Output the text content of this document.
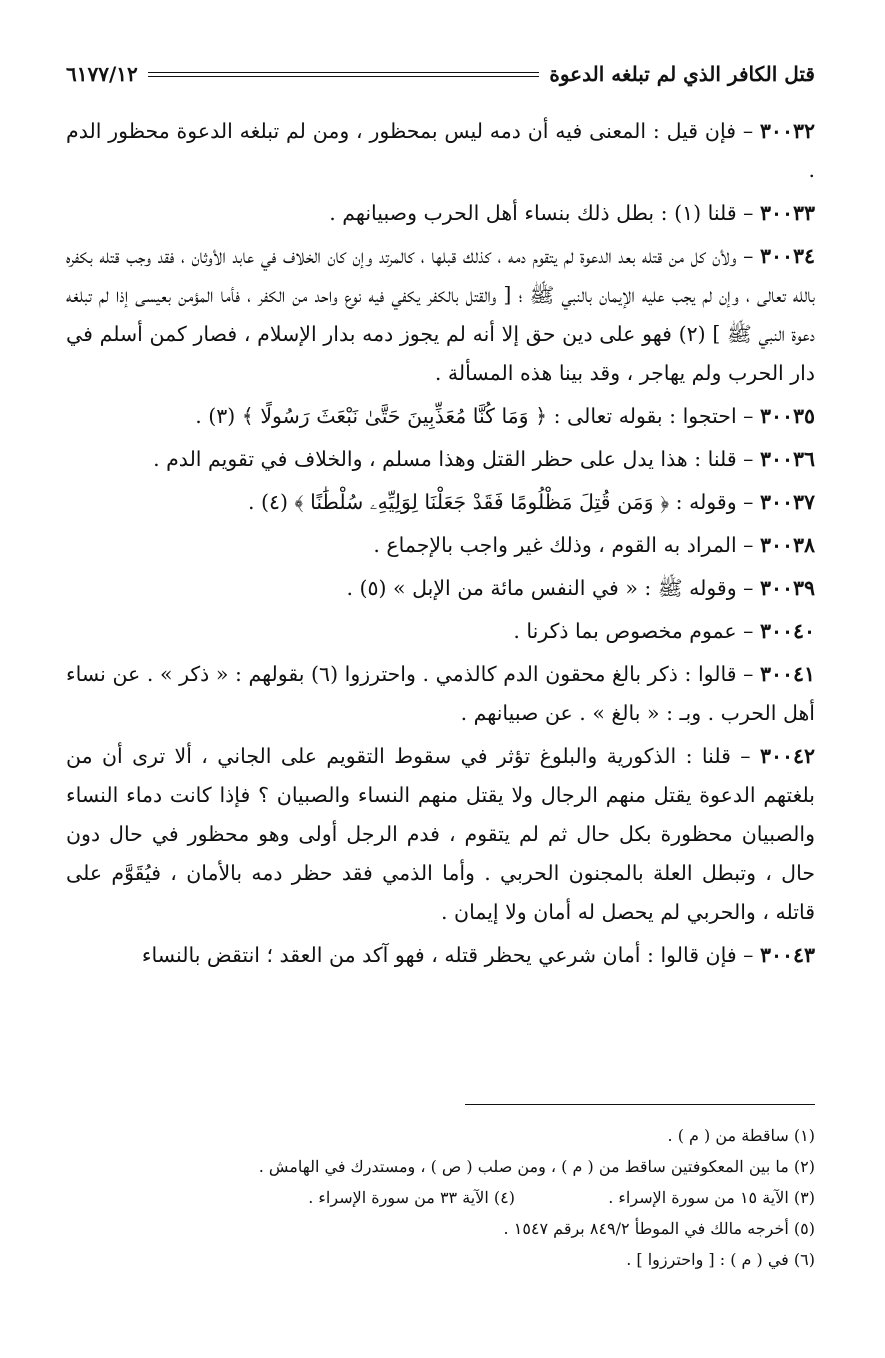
قتل الكافر الذي لم تبلغه الدعوة
٦١٧٧/١٢

٣٠٠٣٢ – فإن قيل : المعنى فيه أن دمه ليس بمحظور ، ومن لم تبلغه الدعوة محظور الدم .

٣٠٠٣٣ – قلنا (١) : بطل ذلك بنساء أهل الحرب وصبيانهم .

٣٠٠٣٤ – ولأن كل من قتله بعد الدعوة لم يتقوم دمه ، كذلك قبلها ، كالمرتد وإن كان الخلاف في عابد الأوثان ، فقد وجب قتله بكفره بالله تعالى ، وإن لم يجب عليه الإيمان بالنبي ﷺ ؛ [ والقتل بالكفر يكفي فيه نوع واحد من الكفر ، فأما المؤمن بعيسى إذا لم تبلغه دعوة النبي ﷺ ] (٢) فهو على دين حق إلا أنه لم يجوز دمه بدار الإسلام ، فصار كمن أسلم في دار الحرب ولم يهاجر ، وقد بينا هذه المسألة .

٣٠٠٣٥ – احتجوا : بقوله تعالى : ﴿ وَمَا كُنَّا مُعَذِّبِينَ حَتَّىٰ نَبْعَثَ رَسُولًا ﴾ (٣) .

٣٠٠٣٦ – قلنا : هذا يدل على حظر القتل وهذا مسلم ، والخلاف في تقويم الدم .

٣٠٠٣٧ – وقوله : ﴿ وَمَن قُتِلَ مَظْلُومًا فَقَدْ جَعَلْنَا لِوَلِيِّهِۦ سُلْطَٰنًا ﴾ (٤) .

٣٠٠٣٨ – المراد به القوم ، وذلك غير واجب بالإجماع .

٣٠٠٣٩ – وقوله ﷺ : « في النفس مائة من الإبل » (٥) .

٣٠٠٤٠ – عموم مخصوص بما ذكرنا .

٣٠٠٤١ – قالوا : ذكر بالغ محقون الدم كالذمي . واحترزوا (٦) بقولهم : « ذكر » . عن نساء أهل الحرب . وبـ : « بالغ » . عن صبيانهم .

٣٠٠٤٢ – قلنا : الذكورية والبلوغ تؤثر في سقوط التقويم على الجاني ، ألا ترى أن من بلغتهم الدعوة يقتل منهم الرجال ولا يقتل منهم النساء والصبيان ؟ فإذا كانت دماء النساء والصبيان محظورة بكل حال ثم لم يتقوم ، فدم الرجل أولى وهو محظور في حال دون حال ، وتبطل العلة بالمجنون الحربي . وأما الذمي فقد حظر دمه بالأمان ، فيُقَوَّم على قاتله ، والحربي لم يحصل له أمان ولا إيمان .

٣٠٠٤٣ – فإن قالوا : أمان شرعي يحظر قتله ، فهو آكد من العقد ؛ انتقض بالنساء

(١) ساقطة من ( م ) .

(٢) ما بين المعكوفتين ساقط من ( م ) ، ومن صلب ( ص ) ، ومستدرك في الهامش .

(٣) الآية ١٥ من سورة الإسراء .
(٤) الآية ٣٣ من سورة الإسراء .

(٥) أخرجه مالك في الموطأ ٨٤٩/٢ برقم ١٥٤٧ .

(٦) في ( م ) : [ واحترزوا ] .
